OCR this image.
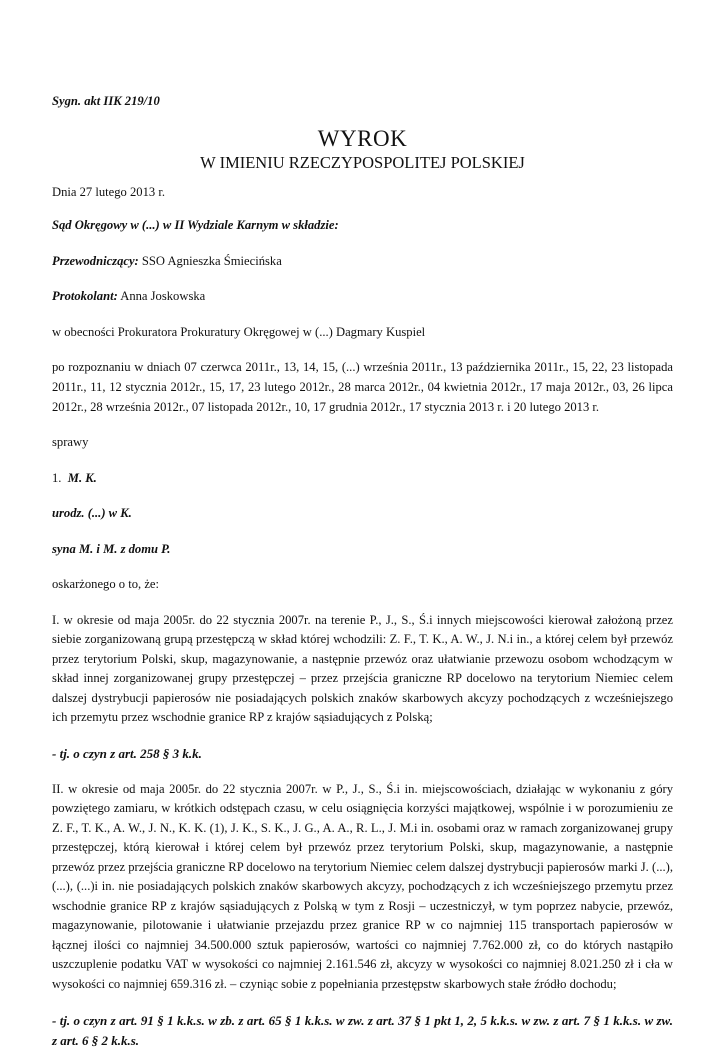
Sygn. akt IIK 219/10

WYROK

W IMIENIU RZECZYPOSPOLITEJ POLSKIEJ

Dnia 27 lutego 2013 r.

Sąd Okręgowy w (...) w II Wydziale Karnym w składzie:

Przewodniczący: SSO Agnieszka Śmiecińska

Protokolant: Anna Joskowska

w obecności Prokuratora Prokuratury Okręgowej w (...) Dagmary Kuspiel

po rozpoznaniu w dniach 07 czerwca 2011r., 13, 14, 15, (...) września 2011r., 13 października 2011r., 15, 22, 23 listopada 2011r., 11, 12 stycznia 2012r., 15, 17, 23 lutego 2012r., 28 marca 2012r., 04 kwietnia 2012r., 17 maja 2012r., 03, 26 lipca 2012r., 28 września 2012r., 07 listopada 2012r., 10, 17 grudnia 2012r., 17 stycznia 2013 r. i 20 lutego 2013 r.

sprawy

1. M. K.

urodz. (...) w K.

syna M. i M. z domu P.

oskarżonego o to, że:

I. w okresie od maja 2005r. do 22 stycznia 2007r. na terenie P., J., S., Ś.i innych miejscowości kierował założoną przez siebie zorganizowaną grupą przestępczą w skład której wchodzili: Z. F., T. K., A. W., J. N.i in., a której celem był przewóz przez terytorium Polski, skup, magazynowanie, a następnie przewóz oraz ułatwianie przewozu osobom wchodzącym w skład innej zorganizowanej grupy przestępczej – przez przejścia graniczne RP docelowo na terytorium Niemiec celem dalszej dystrybucji papierosów nie posiadających polskich znaków skarbowych akcyzy pochodzących z wcześniejszego ich przemytu przez wschodnie granice RP z krajów sąsiadujących z Polską;

- tj. o czyn z art. 258 § 3 k.k.

II. w okresie od maja 2005r. do 22 stycznia 2007r. w P., J., S., Ś.i in. miejscowościach, działając w wykonaniu z góry powziętego zamiaru, w krótkich odstępach czasu, w celu osiągnięcia korzyści majątkowej, wspólnie i w porozumieniu ze Z. F., T. K., A. W., J. N., K. K. (1), J. K., S. K., J. G., A. A., R. L., J. M.i in. osobami oraz w ramach zorganizowanej grupy przestępczej, którą kierował i której celem był przewóz przez terytorium Polski, skup, magazynowanie, a następnie przewóz przez przejścia graniczne RP docelowo na terytorium Niemiec celem dalszej dystrybucji papierosów marki J. (...), (...), (...)i in. nie posiadających polskich znaków skarbowych akcyzy, pochodzących z ich wcześniejszego przemytu przez wschodnie granice RP z krajów sąsiadujących z Polską w tym z Rosji – uczestniczył, w tym poprzez nabycie, przewóz, magazynowanie, pilotowanie i ułatwianie przejazdu przez granice RP w co najmniej 115 transportach papierosów w łącznej ilości co najmniej 34.500.000 sztuk papierosów, wartości co najmniej 7.762.000 zł, co do których nastąpiło uszczuplenie podatku VAT w wysokości co najmniej 2.161.546 zł, akcyzy w wysokości co najmniej 8.021.250 zł i cła w wysokości co najmniej 659.316 zł. – czyniąc sobie z popełniania przestępstw skarbowych stałe źródło dochodu;

- tj. o czyn z art. 91 § 1 k.k.s. w zb. z art. 65 § 1 k.k.s. w zw. z art. 37 § 1 pkt 1, 2, 5 k.k.s. w zw. z art. 7 § 1 k.k.s. w zw. z art. 6 § 2 k.k.s.
